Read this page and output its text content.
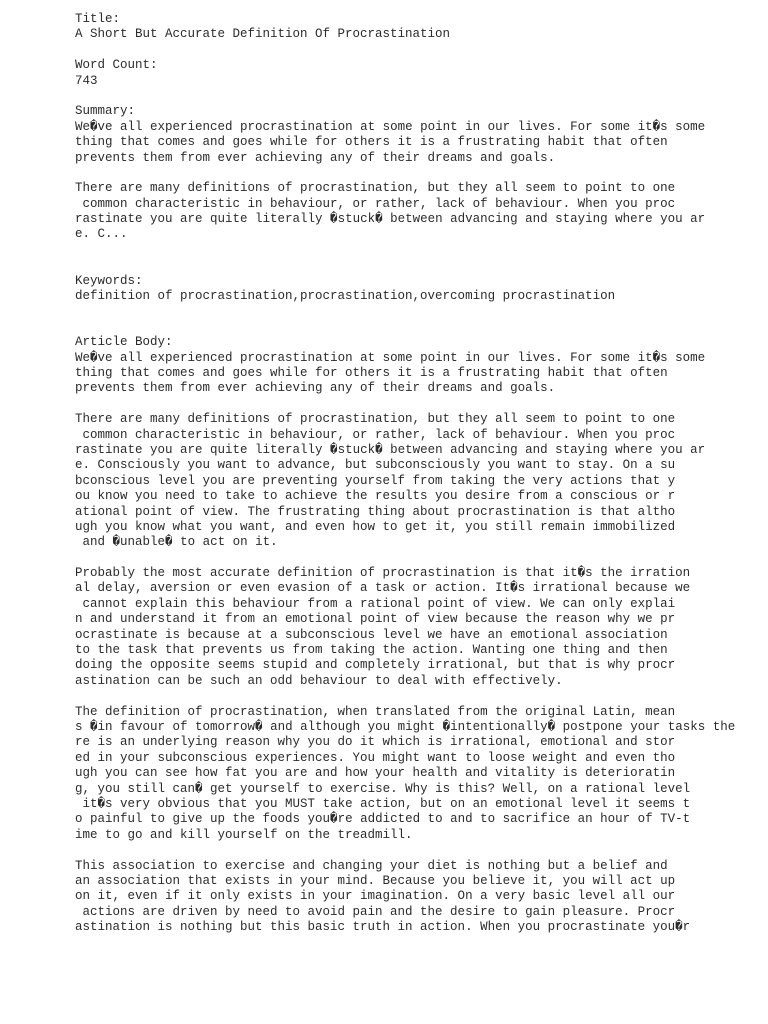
Title:
A Short But Accurate Definition Of Procrastination
Word Count:
743
Summary:
We�ve all experienced procrastination at some point in our lives. For some it�s some
thing that comes and goes while for others it is a frustrating habit that often
prevents them from ever achieving any of their dreams and goals.
There are many definitions of procrastination, but they all seem to point to one
common characteristic in behaviour, or rather, lack of behaviour. When you proc
rastinate you are quite literally �stuck� between advancing and staying where you ar
e. C...
Keywords:
definition of procrastination,procrastination,overcoming procrastination
Article Body:
We�ve all experienced procrastination at some point in our lives. For some it�s some
thing that comes and goes while for others it is a frustrating habit that often
prevents them from ever achieving any of their dreams and goals.
There are many definitions of procrastination, but they all seem to point to one
common characteristic in behaviour, or rather, lack of behaviour. When you proc
rastinate you are quite literally �stuck� between advancing and staying where you ar
e. Consciously you want to advance, but subconsciously you want to stay. On a su
bconscious level you are preventing yourself from taking the very actions that y
ou know you need to take to achieve the results you desire from a conscious or r
ational point of view. The frustrating thing about procrastination is that altho
ugh you know what you want, and even how to get it, you still remain immobilized
and �unable� to act on it.
Probably the most accurate definition of procrastination is that it�s the irration
al delay, aversion or even evasion of a task or action. It�s irrational because we
cannot explain this behaviour from a rational point of view. We can only explai
n and understand it from an emotional point of view because the reason why we pr
ocrastinate is because at a subconscious level we have an emotional association
to the task that prevents us from taking the action. Wanting one thing and then
doing the opposite seems stupid and completely irrational, but that is why procr
astination can be such an odd behaviour to deal with effectively.
The definition of procrastination, when translated from the original Latin, mean
s �in favour of tomorrow� and although you might �intentionally� postpone your tasks the
re is an underlying reason why you do it which is irrational, emotional and stor
ed in your subconscious experiences. You might want to loose weight and even tho
ugh you can see how fat you are and how your health and vitality is deterioratin
g, you still can� get yourself to exercise. Why is this? Well, on a rational level
it�s very obvious that you MUST take action, but on an emotional level it seems t
o painful to give up the foods you�re addicted to and to sacrifice an hour of TV-t
ime to go and kill yourself on the treadmill.
This association to exercise and changing your diet is nothing but a belief and
an association that exists in your mind. Because you believe it, you will act up
on it, even if it only exists in your imagination. On a very basic level all our
actions are driven by need to avoid pain and the desire to gain pleasure. Procr
astination is nothing but this basic truth in action. When you procrastinate you�r
